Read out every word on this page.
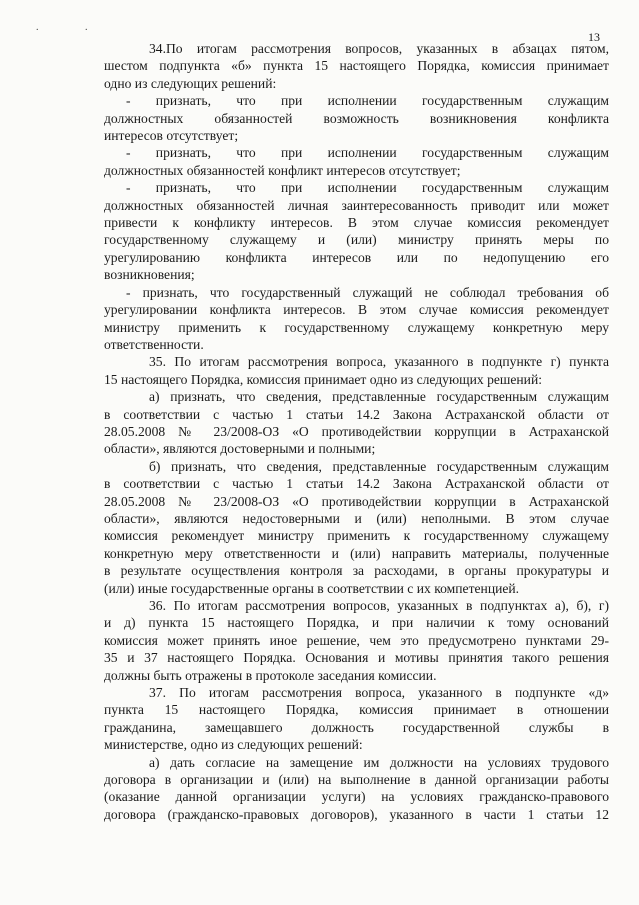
. .
13

34.По итогам рассмотрения вопросов, указанных в абзацах пятом,

шестом подпункта «б» пункта 15 настоящего Порядка, комиссия принимает

одно из следующих решений:

- признать, что при исполнении государственным служащим

должностных обязанностей возможность возникновения конфликта

интересов отсутствует;

- признать, что при исполнении государственным служащим

должностных обязанностей конфликт интересов отсутствует;

- признать, что при исполнении государственным служащим

должностных обязанностей личная заинтересованность приводит или может

привести к конфликту интересов. В этом случае комиссия рекомендует

государственному служащему и (или) министру принять меры по

урегулированию конфликта интересов или по недопущению его

возникновения;

- признать, что государственный служащий не соблюдал требования об

урегулировании конфликта интересов. В этом случае комиссия рекомендует

министру применить к государственному служащему конкретную меру

ответственности.

35. По итогам рассмотрения вопроса, указанного в подпункте г) пункта

15 настоящего Порядка, комиссия принимает одно из следующих решений:

а) признать, что сведения, представленные государственным служащим

в соответствии с частью 1 статьи 14.2 Закона Астраханской области от

28.05.2008 № 23/2008-ОЗ «О противодействии коррупции в Астраханской

области», являются достоверными и полными;

б) признать, что сведения, представленные государственным служащим

в соответствии с частью 1 статьи 14.2 Закона Астраханской области от

28.05.2008 № 23/2008-ОЗ «О противодействии коррупции в Астраханской

области», являются недостоверными и (или) неполными. В этом случае

комиссия рекомендует министру применить к государственному служащему

конкретную меру ответственности и (или) направить материалы, полученные

в результате осуществления контроля за расходами, в органы прокуратуры и

(или) иные государственные органы в соответствии с их компетенцией.

36. По итогам рассмотрения вопросов, указанных в подпунктах а), б), г)

и д) пункта 15 настоящего Порядка, и при наличии к тому оснований

комиссия может принять иное решение, чем это предусмотрено пунктами 29-

35 и 37 настоящего Порядка. Основания и мотивы принятия такого решения

должны быть отражены в протоколе заседания комиссии.

37. По итогам рассмотрения вопроса, указанного в подпункте «д»

пункта 15 настоящего Порядка, комиссия принимает в отношении

гражданина, замещавшего должность государственной службы в

министерстве, одно из следующих решений:

а) дать согласие на замещение им должности на условиях трудового

договора в организации и (или) на выполнение в данной организации работы

(оказание данной организации услуги) на условиях гражданско-правового

договора (гражданско-правовых договоров), указанного в части 1 статьи 12
